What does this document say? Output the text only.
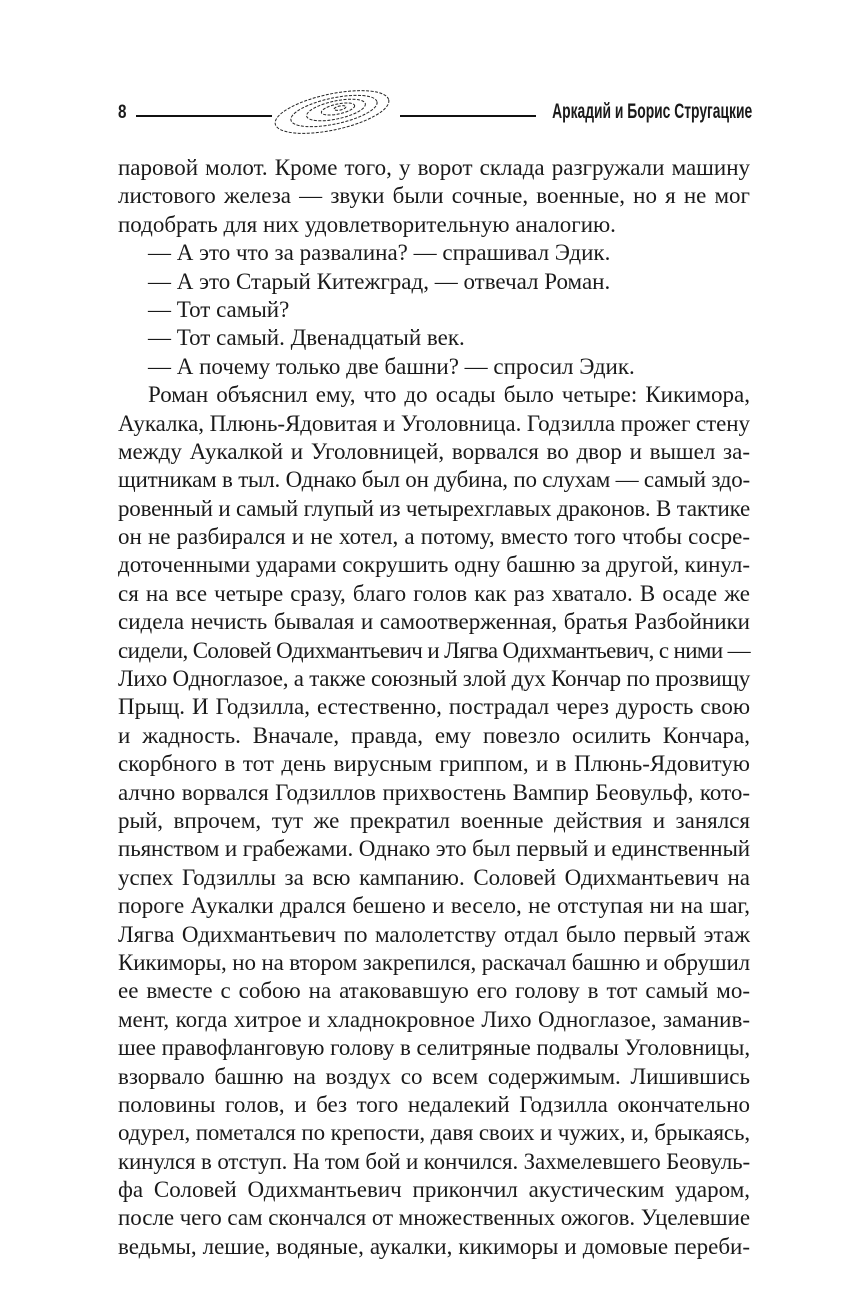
8	Аркадий и Борис Стругацкие
паровой молот. Кроме того, у ворот склада разгружали машину
листового железа — звуки были сочные, военные, но я не мог
подобрать для них удовлетворительную аналогию.
— А это что за развалина? — спрашивал Эдик.
— А это Старый Китежград, — отвечал Роман.
— Тот самый?
— Тот самый. Двенадцатый век.
— А почему только две башни? — спросил Эдик.
Роман объяснил ему, что до осады было четыре: Кикимора,
Аукалка, Плюнь-Ядовитая и Уголовница. Годзилла прожег стену
между Аукалкой и Уголовницей, ворвался во двор и вышел за-
щитникам в тыл. Однако был он дубина, по слухам — самый здо-
ровенный и самый глупый из четырехглавых драконов. В тактике
он не разбирался и не хотел, а потому, вместо того чтобы сосре-
доточенными ударами сокрушить одну башню за другой, кинул-
ся на все четыре сразу, благо голов как раз хватало. В осаде же
сидела нечисть бывалая и самоотверженная, братья Разбойники
сидели, Соловей Одихмантьевич и Лягва Одихмантьевич, с ними —
Лихо Одноглазое, а также союзный злой дух Кончар по прозвищу
Прыщ. И Годзилла, естественно, пострадал через дурость свою
и жадность. Вначале, правда, ему повезло осилить Кончара,
скорбного в тот день вирусным гриппом, и в Плюнь-Ядовитую
алчно ворвался Годзиллов прихвостень Вампир Беовульф, кото-
рый, впрочем, тут же прекратил военные действия и занялся
пьянством и грабежами. Однако это был первый и единственный
успех Годзиллы за всю кампанию. Соловей Одихмантьевич на
пороге Аукалки дрался бешено и весело, не отступая ни на шаг,
Лягва Одихмантьевич по малолетству отдал было первый этаж
Кикиморы, но на втором закрепился, раскачал башню и обрушил
ее вместе с собою на атаковавшую его голову в тот самый мо-
мент, когда хитрое и хладнокровное Лихо Одноглазое, заманив-
шее правофланговую голову в селитряные подвалы Уголовницы,
взорвало башню на воздух со всем содержимым. Лишившись
половины голов, и без того недалекий Годзилла окончательно
одурел, пометался по крепости, давя своих и чужих, и, брыкаясь,
кинулся в отступ. На том бой и кончился. Захмелевшего Беовуль-
фа Соловей Одихмантьевич прикончил акустическим ударом,
после чего сам скончался от множественных ожогов. Уцелевшие
ведьмы, лешие, водяные, аукалки, кикиморы и домовые переби-
